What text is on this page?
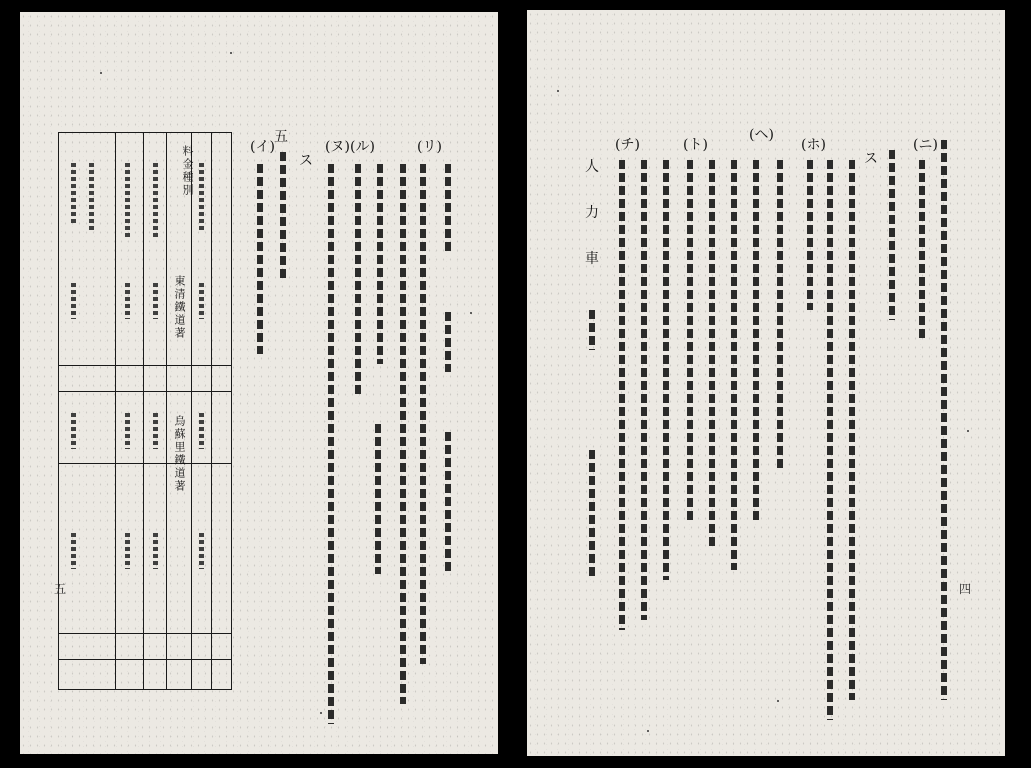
(イ)
五
ス
(ヌ) (ル)	(リ)
料金種別
東清鐵道著
烏蘇里鐵道著
五
人
力
車
(チ)	(ト)
(ヘ)
(ホ)
ス
(ニ)
四
